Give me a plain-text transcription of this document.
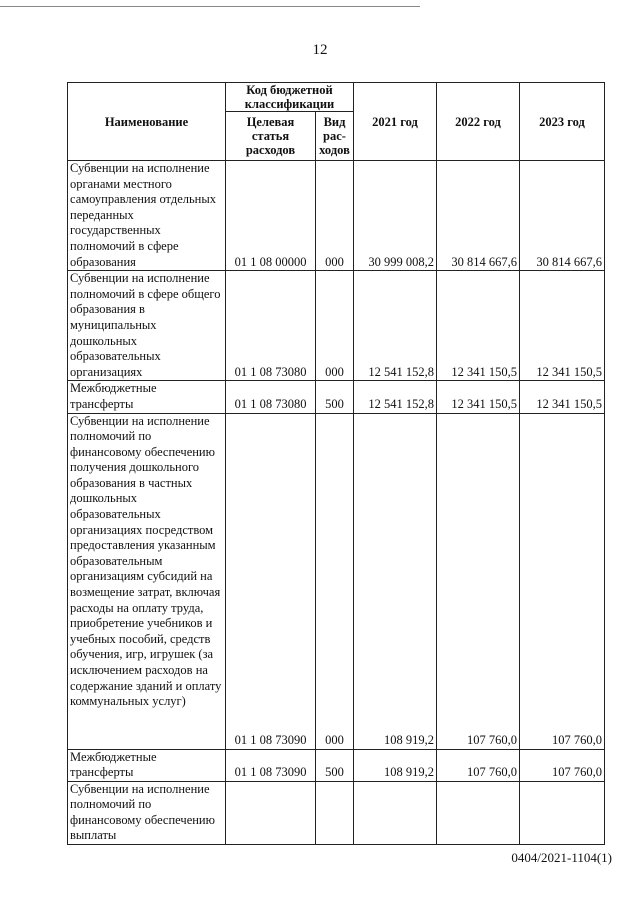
12
Наименование	Код бюджетной классификации		2021 год	2022 год	2023 год
	Целевая статья расходов	Вид рас-ходов			
Субвенции на исполнение органами местного самоуправления отдельных переданных государственных полномочий в сфере образования	01 1 08 00000	000	30 999 008,2	30 814 667,6	30 814 667,6
Субвенции на исполнение полномочий в сфере общего образования в муниципальных дошкольных образовательных организациях	01 1 08 73080	000	12 541 152,8	12 341 150,5	12 341 150,5
Межбюджетные трансферты	01 1 08 73080	500	12 541 152,8	12 341 150,5	12 341 150,5
Субвенции на исполнение полномочий по финансовому обеспечению получения дошкольного образования в частных дошкольных образовательных организациях посредством предоставления указанным образовательным организациям субсидий на возмещение затрат, включая расходы на оплату труда, приобретение учебников и учебных пособий, средств обучения, игр, игрушек (за исключением расходов на содержание зданий и оплату коммунальных услуг)	01 1 08 73090	000	108 919,2	107 760,0	107 760,0
Межбюджетные трансферты	01 1 08 73090	500	108 919,2	107 760,0	107 760,0
Субвенции на исполнение полномочий по финансовому обеспечению выплаты					
0404/2021-1104(1)
